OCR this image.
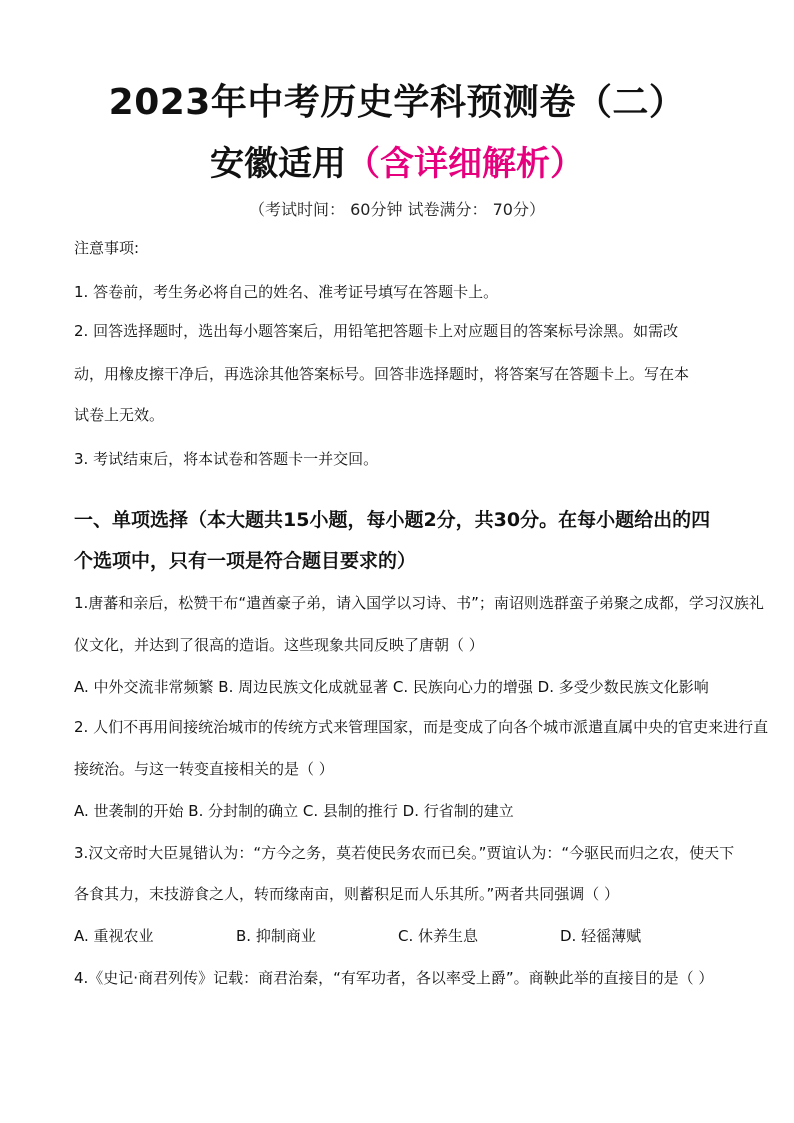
2023年中考历史学科预测卷（二）
安徽适用（含详细解析）
（考试时间： 60分钟 试卷满分： 70分）
注意事项:
1. 答卷前，考生务必将自己的姓名、准考证号填写在答题卡上。
2. 回答选择题时，选出每小题答案后，用铅笔把答题卡上对应题目的答案标号涂黑。如需改
动，用橡皮擦干净后，再选涂其他答案标号。回答非选择题时，将答案写在答题卡上。写在本
试卷上无效。
3. 考试结束后，将本试卷和答题卡一并交回。
一、单项选择（本大题共15小题，每小题2分，共30分。在每小题给出的四
个选项中，只有一项是符合题目要求的）
1.唐蕃和亲后，松赞干布“遣酋豪子弟，请入国学以习诗、书”；南诏则选群蛮子弟聚之成都，学习汉族礼
仪文化，并达到了很高的造诣。这些现象共同反映了唐朝（ ）
A. 中外交流非常频繁 B. 周边民族文化成就显著 C. 民族向心力的增强 D. 多受少数民族文化影响
2. 人们不再用间接统治城市的传统方式来管理国家，而是变成了向各个城市派遣直属中央的官吏来进行直
接统治。与这一转变直接相关的是（ ）
A. 世袭制的开始 B. 分封制的确立 C. 县制的推行 D. 行省制的建立
3.汉文帝时大臣晁错认为：“方今之务，莫若使民务农而已矣。”贾谊认为：“今驱民而归之农，使天下
各食其力，末技游食之人，转而缘南亩，则蓄积足而人乐其所。”两者共同强调（ ）
A. 重视农业	B. 抑制商业	C. 休养生息	D. 轻徭薄赋
4.《史记·商君列传》记载：商君治秦，“有军功者，各以率受上爵”。商鞅此举的直接目的是（ ）
